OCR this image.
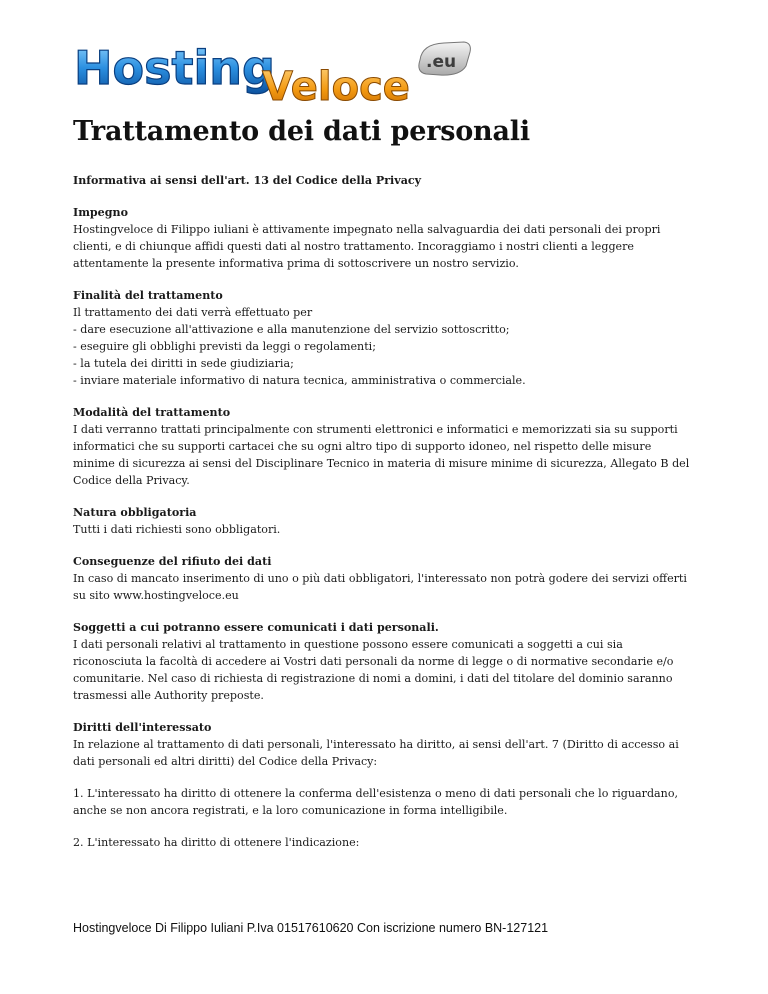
Hosting
Veloce
.eu
Trattamento dei dati personali
Informativa ai sensi dell'art. 13 del Codice della Privacy
Impegno
Hostingveloce di Filippo iuliani è attivamente impegnato nella salvaguardia dei dati personali dei propri
clienti, e di chiunque affidi questi dati al nostro trattamento. Incoraggiamo i nostri clienti a leggere
attentamente la presente informativa prima di sottoscrivere un nostro servizio.
Finalità del trattamento
Il trattamento dei dati verrà effettuato per
- dare esecuzione all'attivazione e alla manutenzione del servizio sottoscritto;
- eseguire gli obblighi previsti da leggi o regolamenti;
- la tutela dei diritti in sede giudiziaria;
- inviare materiale informativo di natura tecnica, amministrativa o commerciale.
Modalità del trattamento
I dati verranno trattati principalmente con strumenti elettronici e informatici e memorizzati sia su supporti
informatici che su supporti cartacei che su ogni altro tipo di supporto idoneo, nel rispetto delle misure
minime di sicurezza ai sensi del Disciplinare Tecnico in materia di misure minime di sicurezza, Allegato B del
Codice della Privacy.
Natura obbligatoria
Tutti i dati richiesti sono obbligatori.
Conseguenze del rifiuto dei dati
In caso di mancato inserimento di uno o più dati obbligatori, l'interessato non potrà godere dei servizi offerti
su sito www.hostingveloce.eu
Soggetti a cui potranno essere comunicati i dati personali.
I dati personali relativi al trattamento in questione possono essere comunicati a soggetti a cui sia
riconosciuta la facoltà di accedere ai Vostri dati personali da norme di legge o di normative secondarie e/o
comunitarie. Nel caso di richiesta di registrazione di nomi a domini, i dati del titolare del dominio saranno
trasmessi alle Authority preposte.
Diritti dell'interessato
In relazione al trattamento di dati personali, l'interessato ha diritto, ai sensi dell'art. 7 (Diritto di accesso ai
dati personali ed altri diritti) del Codice della Privacy:
1. L'interessato ha diritto di ottenere la conferma dell'esistenza o meno di dati personali che lo riguardano,
anche se non ancora registrati, e la loro comunicazione in forma intelligibile.
2. L'interessato ha diritto di ottenere l'indicazione:
Hostingveloce Di Filippo Iuliani P.Iva 01517610620 Con iscrizione numero BN-127121
